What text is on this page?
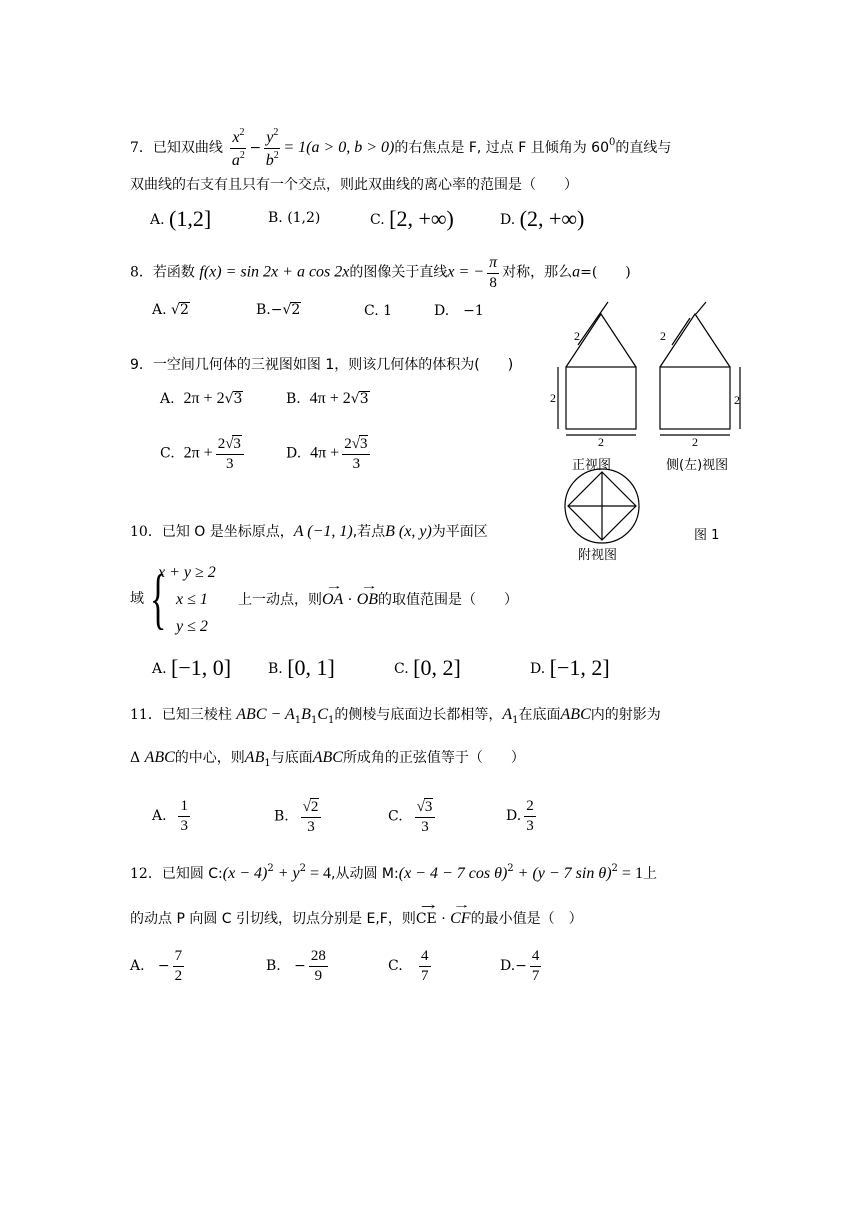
7．已知双曲线 $\frac{x^2}{a^2} - \frac{y^2}{b^2} = 1(a > 0$, b > 0)的右焦点是 F, 过点 F 且倾角为 $60^0$的直线与
双曲线的右支有且只有一个交点，则此双曲线的离心率的范围是（　　）
A. (1,2]	B. (1,2)	C. [2, +∞)	D. (2, +∞)
8．若函数 f(x) = sin 2x + a cos 2x的图像关于直线x = − $\frac{\pi}{8}$ 对称，那么a=(　　)
A. √2	B.−√2	C. 1	D.　−1
9．一空间几何体的三视图如图 1，则该几何体的体积为(　　)
A. 2π + 2√3	B. 4π + 2√3
C. $2\pi + \frac{2√3}{3}$	D. $4\pi + \frac{2√3}{3}$
2
2
2
2
2
2
正视图	侧(左)视图
附视图
图 1
10．已知 O 是坐标原点，A (−1, 1),若点B (x, y)为平面区
域 {
x + y ≥ 2
x ≤ 1
y ≤ 2
上一动点，则→ OA · → OB的取值范围是（　　）
A. [−1, 0]	B. [0, 1]	C. [0, 2]	D. [−1, 2]
11．已知三棱柱 ABC − $A_1B_1C_1$的侧棱与底面边长都相等，$A_1$在底面ABC内的射影为
Δ ABC的中心，则$AB_1$与底面ABC所成角的正弦值等于（　　）
A. $\frac{1}{3}$	B. $\frac{√2}{3}$	C. $\frac{√3}{3}$	D. $\frac{2}{3}$
12．已知圆 C:(x − $4)^2 + y^2 = 4$,从动圆 M:(x − 4 − 7 cos θ)$^2$ + (y − 7 sin θ)$^2$ = 1上
的动点 P 向圆 C 引切线，切点分别是 E,F，则→ CE · → CF的最小值是（　）
A.   − $\frac{7}{2}$	B.   − $\frac{28}{9}$	C. $\frac{4}{7}$	$D.- \frac{4}{7}$
